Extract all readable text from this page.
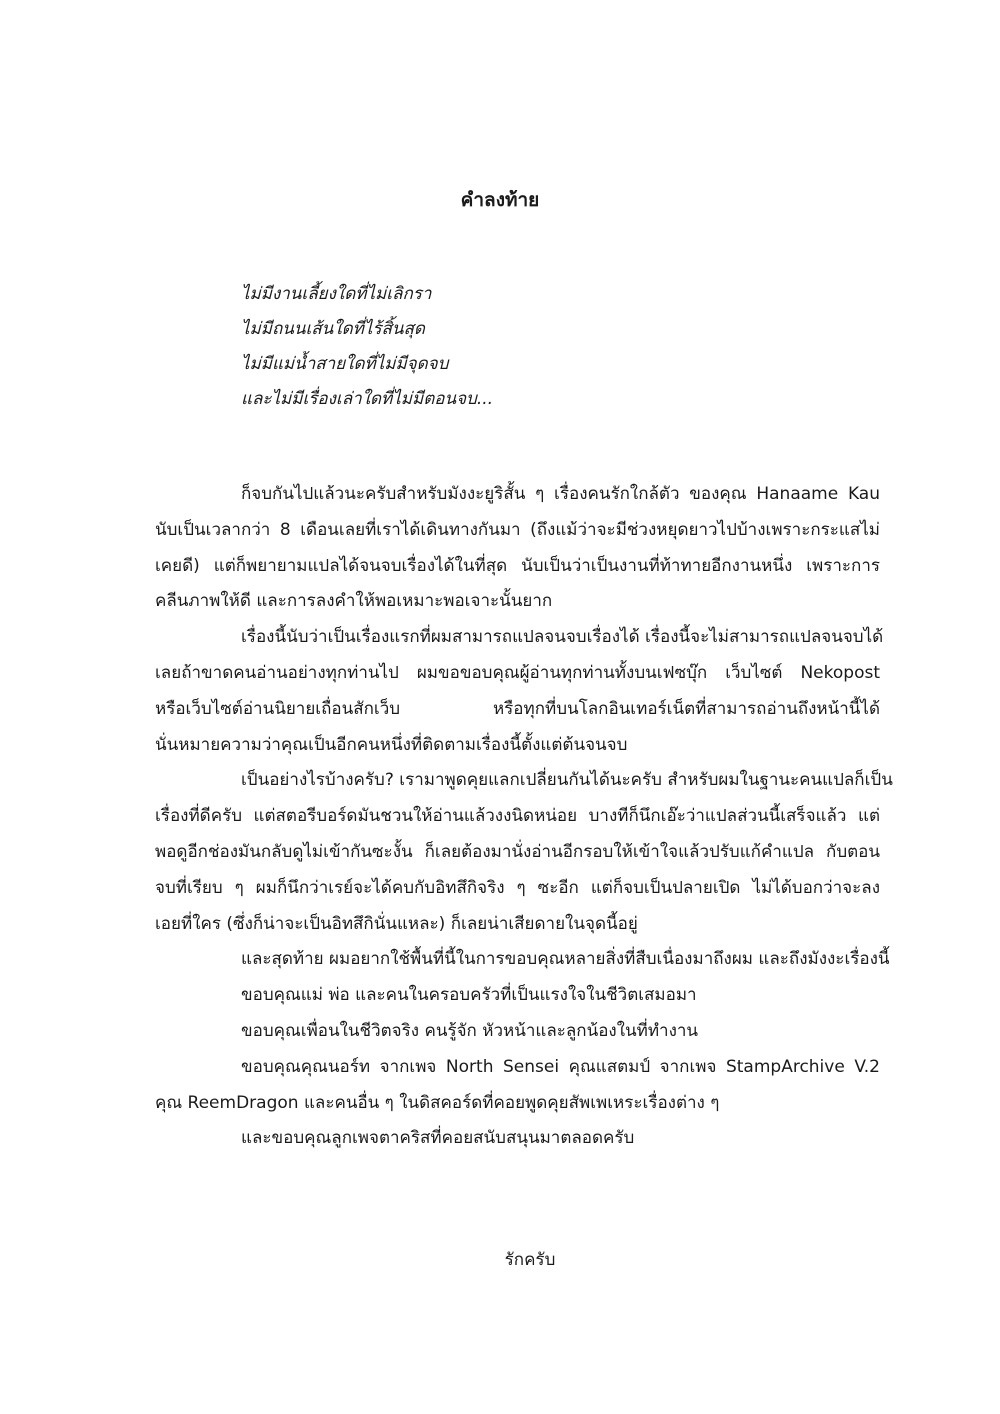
คำลงท้าย
ไม่มีงานเลี้ยงใดที่ไม่เลิกรา
ไม่มีถนนเส้นใดที่ไร้สิ้นสุด
ไม่มีแม่น้ำสายใดที่ไม่มีจุดจบ
และไม่มีเรื่องเล่าใดที่ไม่มีตอนจบ...
ก็จบกันไปแล้วนะครับสำหรับมังงะยูริสั้น ๆ เรื่องคนรักใกล้ตัว ของคุณ Hanaame Kau
นับเป็นเวลากว่า 8 เดือนเลยที่เราได้เดินทางกันมา (ถึงแม้ว่าจะมีช่วงหยุดยาวไปบ้างเพราะกระแสไม่
เคยดี) แต่ก็พยายามแปลได้จนจบเรื่องได้ในที่สุด นับเป็นว่าเป็นงานที่ท้าทายอีกงานหนึ่ง เพราะการ
คลีนภาพให้ดี และการลงคำให้พอเหมาะพอเจาะนั้นยาก
เรื่องนี้นับว่าเป็นเรื่องแรกที่ผมสามารถแปลจนจบเรื่องได้ เรื่องนี้จะไม่สามารถแปลจนจบได้
เลยถ้าขาดคนอ่านอย่างทุกท่านไป ผมขอขอบคุณผู้อ่านทุกท่านทั้งบนเฟซบุ๊ก เว็บไซต์ Nekopost
หรือเว็บไซต์อ่านนิยายเถื่อนสักเว็บ หรือทุกที่บนโลกอินเทอร์เน็ตที่สามารถอ่านถึงหน้านี้ได้
นั่นหมายความว่าคุณเป็นอีกคนหนึ่งที่ติดตามเรื่องนี้ตั้งแต่ต้นจนจบ
เป็นอย่างไรบ้างครับ? เรามาพูดคุยแลกเปลี่ยนกันได้นะครับ สำหรับผมในฐานะคนแปลก็เป็น
เรื่องที่ดีครับ แต่สตอรีบอร์ดมันชวนให้อ่านแล้วงงนิดหน่อย บางทีก็นึกเอ๊ะว่าแปลส่วนนี้เสร็จแล้ว แต่
พอดูอีกช่องมันกลับดูไม่เข้ากันซะงั้น ก็เลยต้องมานั่งอ่านอีกรอบให้เข้าใจแล้วปรับแก้คำแปล กับตอน
จบที่เรียบ ๆ ผมก็นึกว่าเรย์จะได้คบกับอิทสึกิจริง ๆ ซะอีก แต่ก็จบเป็นปลายเปิด ไม่ได้บอกว่าจะลง
เอยที่ใคร (ซึ่งก็น่าจะเป็นอิทสึกินั่นแหละ) ก็เลยน่าเสียดายในจุดนี้อยู่
และสุดท้าย ผมอยากใช้พื้นที่นี้ในการขอบคุณหลายสิ่งที่สืบเนื่องมาถึงผม และถึงมังงะเรื่องนี้
ขอบคุณแม่ พ่อ และคนในครอบครัวที่เป็นแรงใจในชีวิตเสมอมา
ขอบคุณเพื่อนในชีวิตจริง คนรู้จัก หัวหน้าและลูกน้องในที่ทำงาน
ขอบคุณคุณนอร์ท จากเพจ North Sensei คุณแสตมป์ จากเพจ StampArchive V.2
คุณ ReemDragon และคนอื่น ๆ ในดิสคอร์ดที่คอยพูดคุยสัพเพเหระเรื่องต่าง ๆ
และขอบคุณลูกเพจตาคริสที่คอยสนับสนุนมาตลอดครับ
รักครับ
